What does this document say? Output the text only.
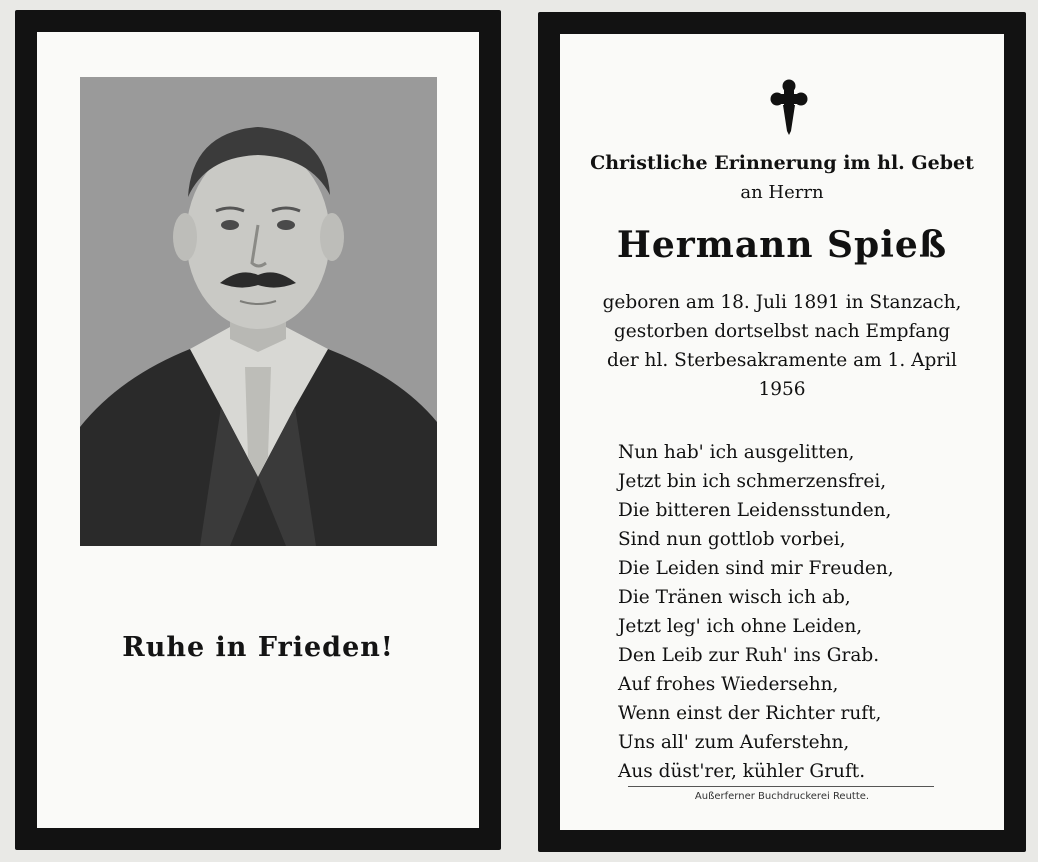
Ruhe in Frieden!
Christliche Erinnerung im hl. Gebet
an Herrn
Hermann Spieß
geboren am 18. Juli 1891 in Stanzach,
gestorben dortselbst nach Empfang
der hl. Sterbesakramente am 1. April
1956
Nun hab' ich ausgelitten,
Jetzt bin ich schmerzensfrei,
Die bitteren Leidensstunden,
Sind nun gottlob vorbei,
Die Leiden sind mir Freuden,
Die Tränen wisch ich ab,
Jetzt leg' ich ohne Leiden,
Den Leib zur Ruh' ins Grab.
Auf frohes Wiedersehn,
Wenn einst der Richter ruft,
Uns all' zum Auferstehn,
Aus düst'rer, kühler Gruft.
Außerferner Buchdruckerei Reutte.
